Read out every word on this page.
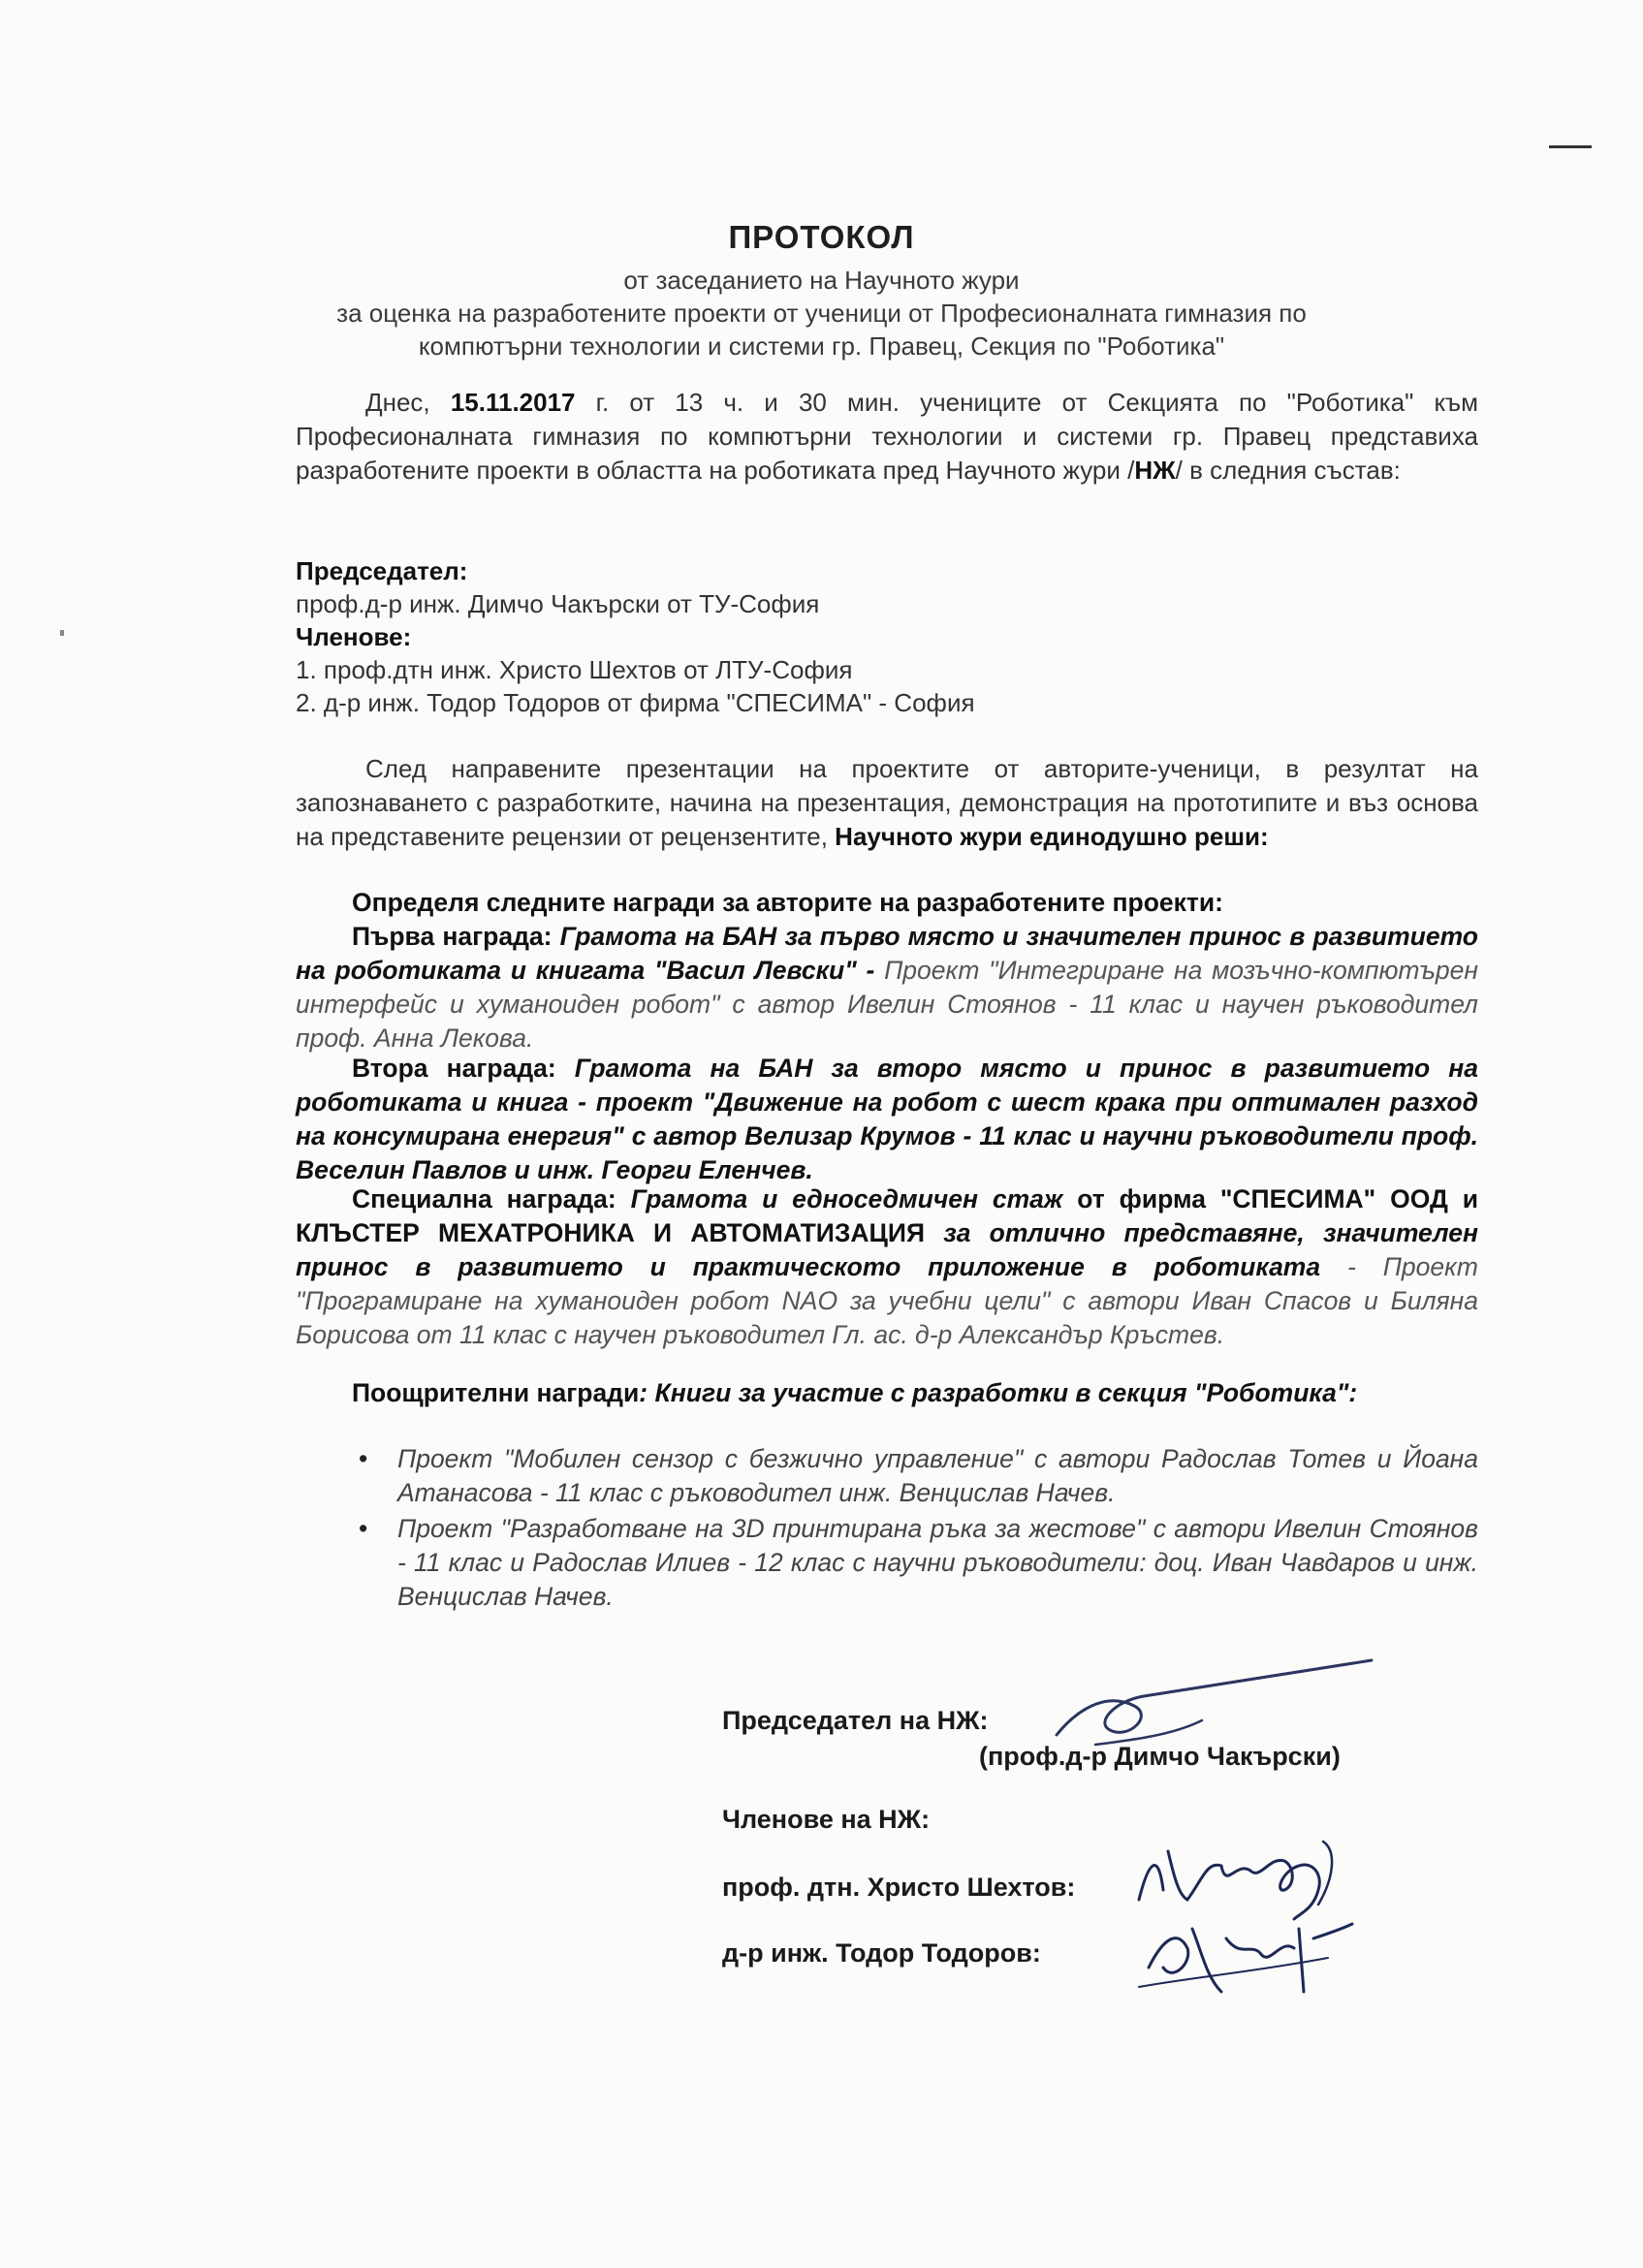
ПРОТОКОЛ
от заседанието на Научното жури
за оценка на разработените проекти от ученици от Професионалната гимназия по
компютърни технологии и системи гр. Правец, Секция по "Роботика"
Днес, 15.11.2017 г. от 13 ч. и 30 мин. учениците от Секцията по "Роботика" към Професионалната гимназия по компютърни технологии и системи гр. Правец представиха разработените проекти в областта на роботиката пред Научното жури /НЖ/ в следния състав:
Председател:
проф.д-р инж. Димчо Чакърски от ТУ-София
Членове:
1. проф.дтн инж. Христо Шехтов от ЛТУ-София
2. д-р инж. Тодор Тодоров от фирма "СПЕСИМА" - София
След направените презентации на проектите от авторите-ученици, в резултат на запознаването с разработките, начина на презентация, демонстрация на прототипите и въз основа на представените рецензии от рецензентите, Научното жури единодушно реши:
Определя следните награди за авторите на разработените проекти:
Първа награда: Грамота на БАН за първо място и значителен принос в развитието на роботиката и книгата "Васил Левски" - Проект "Интегриране на мозъчно-компютърен интерфейс и хуманоиден робот" с автор Ивелин Стоянов - 11 клас и научен ръководител проф. Анна Лекова.
Втора награда: Грамота на БАН за второ място и принос в развитието на роботиката и книга - проект "Движение на робот с шест крака при оптимален разход на консумирана енергия" с автор Велизар Крумов - 11 клас и научни ръководители проф. Веселин Павлов и инж. Георги Еленчев.
Специална награда: Грамота и едноседмичен стаж от фирма "СПЕСИМА" ООД и КЛЪСТЕР МЕХАТРОНИКА И АВТОМАТИЗАЦИЯ за отлично представяне, значителен принос в развитието и практическото приложение в роботиката - Проект "Програмиране на хуманоиден робот NAO за учебни цели" с автори Иван Спасов и Биляна Борисова от 11 клас с научен ръководител Гл. ас. д-р Александър Кръстев.
Поощрителни награди: Книги за участие с разработки в секция "Роботика":
• Проект "Мобилен сензор с безжично управление" с автори Радослав Тотев и Йоана Атанасова - 11 клас с ръководител инж. Венцислав Начев.
• Проект "Разработване на 3D принтирана ръка за жестове" с автори Ивелин Стоянов - 11 клас и Радослав Илиев - 12 клас с научни ръководители: доц. Иван Чавдаров и инж. Венцислав Начев.
Председател на НЖ:
(проф.д-р Димчо Чакърски)
Членове на НЖ:
проф. дтн. Христо Шехтов:
д-р инж. Тодор Тодоров:
